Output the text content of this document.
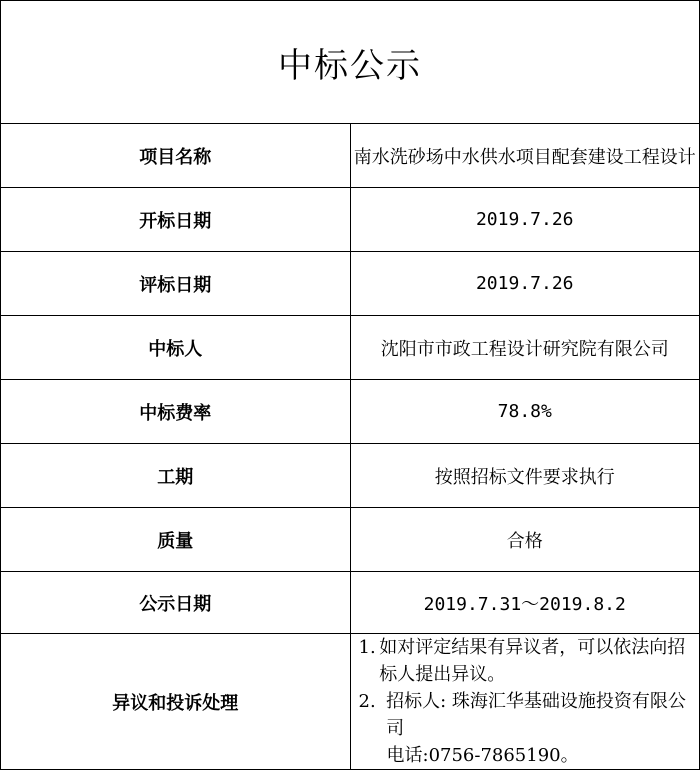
中标公示	
项目名称	南水洗砂场中水供水项目配套建设工程设计
开标日期	2019.7.26
评标日期	2019.7.26
中标人	沈阳市市政工程设计研究院有限公司
中标费率	78.8%
工期	按照招标文件要求执行
质量	合格
公示日期	2019.7.31～2019.8.2
异议和投诉处理	1. 如对评定结果有异议者，可以依法向招标人提出异议。
2. 招标人: 珠海汇华基础设施投资有限公司
电话:0756-7865190。
